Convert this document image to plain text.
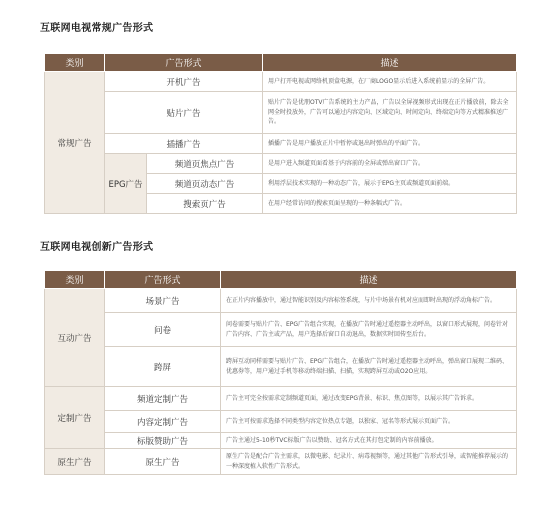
互联网电视常规广告形式
类别	广告形式		描述
常规广告	开机广告		用户打开电视或网络机顶盒电源，在厂商LOGO显示后进入系统前显示的全屏广告。
	贴片广告		贴片广告是优朋OTV广告系统的主力产品，广告以全屏视频形式出现在正片播放前，除去全网全时投放外，广告可以通过内容定向、区域定向、时间定向、终端定向等方式精准推送广告。
	插播广告		插播广告是用户播放正片中暂停或退出时弹出的平面广告。
	EPG广告	频道页焦点广告	是用户进入频道页面看基于内容前的全屏或弹出窗口广告。
		频道页动态广告	利用浮层技术实现的一种动态广告，展示于EPG主页或频道页面前端。
		搜索页广告	在用户经常访问的搜索页面呈现的一种条幅式广告。
互联网电视创新广告形式
类别	广告形式	描述
互动广告	场景广告	在正片内容播放中，通过智能识别及内容标签系统，与片中场景有机对应而即时出现的浮动角标广告。
	问卷	问卷需要与贴片广告、EPG广告组合实现，在播放广告时通过遥控器主动呼出，以窗口形式展现，问卷针对广告内容、广告主或产品，用户选择后窗口自动退出，数据实时回传至后台。
	跨屏	跨屏互动同样需要与贴片广告、EPG广告组合，在播放广告时通过遥控器主动呼出，弹出窗口展现二维码、优惠券等，用户通过手机等移动终端扫描、扫描，实现跨屏互动或O2O应用。
定制广告	频道定制广告	广告主可完全按需求定制频道页面，通过改变EPG背景、标识、焦点图等，以展示其广告诉求。
	内容定制广告	广告主可按需求选择不同类型内容定位热点专题，以独家、冠名等形式展示页面广告。
	标版赞助广告	广告主通过5-10秒TVC标版广告以赞助、冠名方式在其打包定制的内容前播放。
原生广告	原生广告	原生广告是配合广告主需求，以微电影、纪录片、病毒视频等，通过其他广告形式引导，或智能推荐展示的一种深度植入软性广告形式。
